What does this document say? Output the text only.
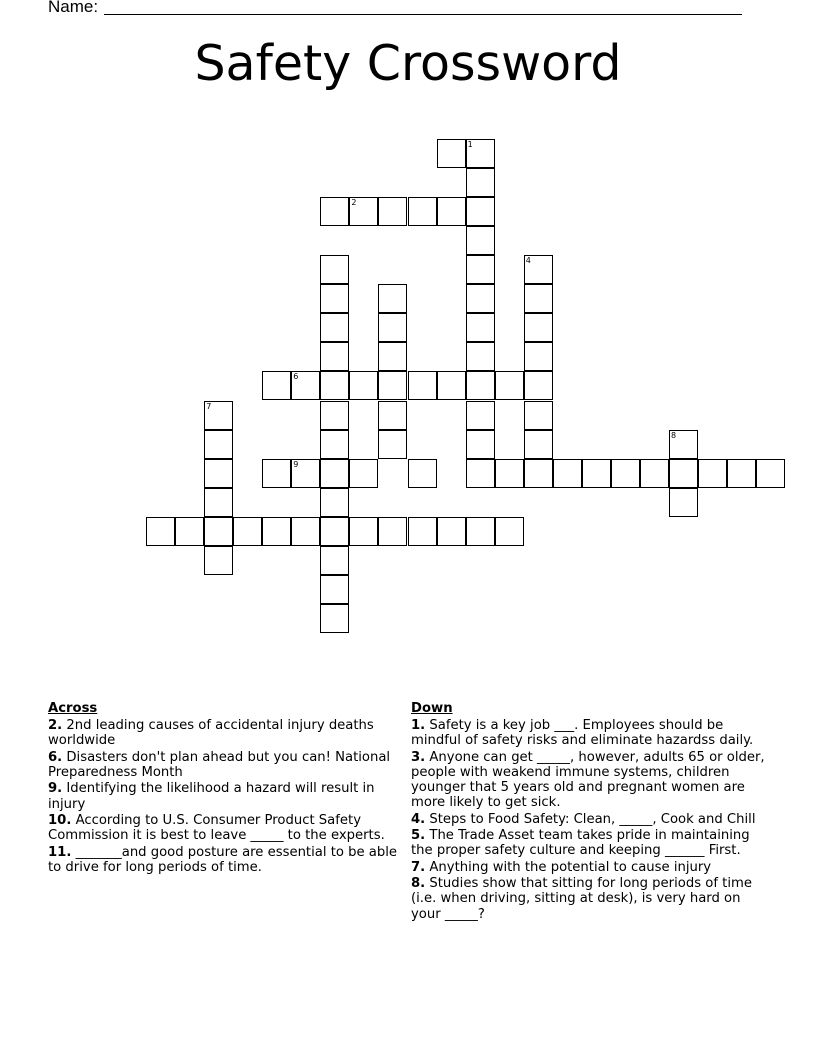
Name:
Safety Crossword
1
2
4
6
7
8
9
Across
2. 2nd leading causes of accidental injury deaths worldwide
6. Disasters don't plan ahead but you can! National Preparedness Month
9. Identifying the likelihood a hazard will result in injury
10. According to U.S. Consumer Product Safety Commission it is best to leave _____ to the experts.
11. _______and good posture are essential to be able to drive for long periods of time.
Down
1. Safety is a key job ___. Employees should be mindful of safety risks and eliminate hazardss daily.
3. Anyone can get _____, however, adults 65 or older, people with weakend immune systems, children younger that 5 years old and pregnant women are more likely to get sick.
4. Steps to Food Safety: Clean, _____, Cook and Chill
5. The Trade Asset team takes pride in maintaining the proper safety culture and keeping ______ First.
7. Anything with the potential to cause injury
8. Studies show that sitting for long periods of time (i.e. when driving, sitting at desk), is very hard on your _____?
